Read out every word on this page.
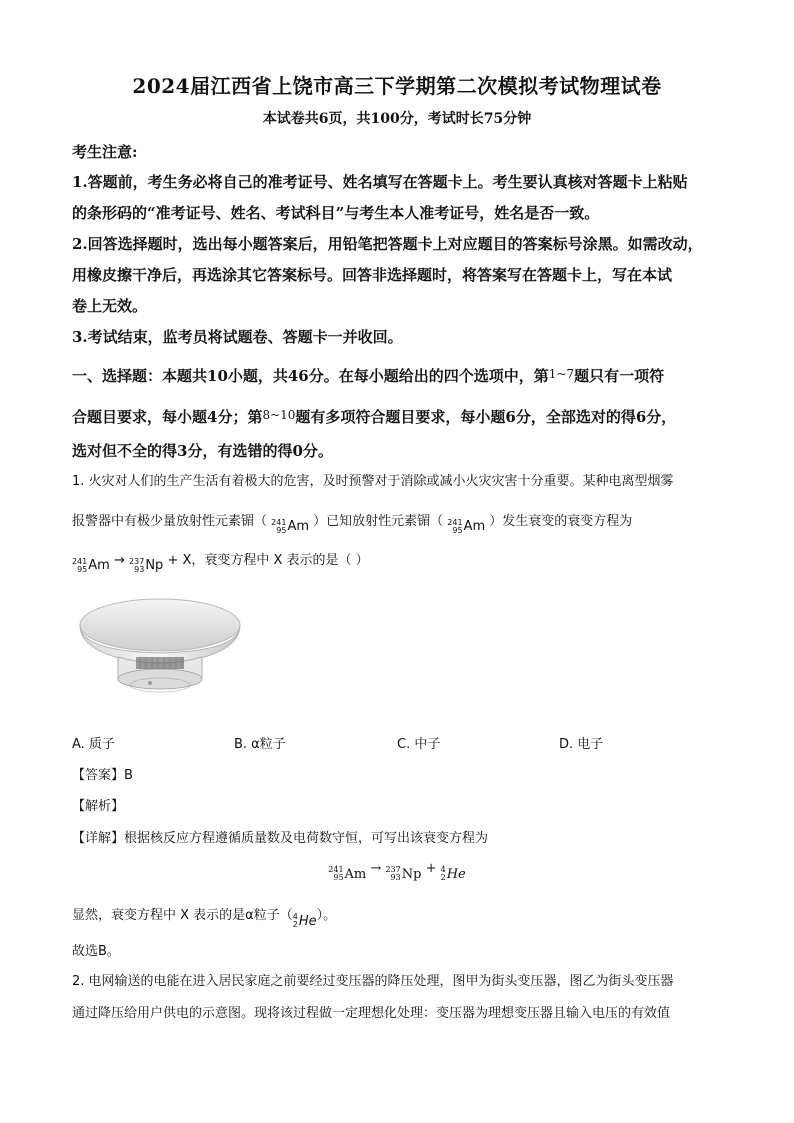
2024届江西省上饶市高三下学期第二次模拟考试物理试卷
本试卷共6页，共100分，考试时长75分钟
考生注意:
1.答题前，考生务必将自己的准考证号、姓名填写在答题卡上。考生要认真核对答题卡上粘贴
的条形码的“准考证号、姓名、考试科目”与考生本人准考证号，姓名是否一致。
2.回答选择题时，选出每小题答案后，用铅笔把答题卡上对应题目的答案标号涂黑。如需改动，
用橡皮擦干净后，再选涂其它答案标号。回答非选择题时，将答案写在答题卡上，写在本试
卷上无效。
3.考试结束，监考员将试题卷、答题卡一并收回。
一、选择题：本题共10小题，共46分。在每小题给出的四个选项中，第$^{1\sim 7}$题只有一项符
合题目要求，每小题4分；第$^{8\sim 10}$题有多项符合题目要求，每小题6分，全部选对的得6分，
选对但不全的得3分，有选错的得0分。
1. 火灾对人们的生产生活有着极大的危害，及时预警对于消除或减小火灾灾害十分重要。某种电离型烟雾
报警器中有极少量放射性元素镅（ 241
95 Am ）已知放射性元素镅（ 241
95 Am ）发生衰变的衰变方程为
241
95 Am → 237
93 Np + X，衰变方程中 X 表示的是（ ）
A. 质子	B. α粒子	C. 中子	D. 电子
【答案】B
【解析】
【详解】根据核反应方程遵循质量数及电荷数守恒，可写出该衰变方程为
241
95 Am → 237
93 Np + 4
2 He
显然，衰变方程中 X 表示的是α粒子（ 4
2 He ）。
故选B。
2. 电网输送的电能在进入居民家庭之前要经过变压器的降压处理，图甲为街头变压器，图乙为街头变压器
通过降压给用户供电的示意图。现将该过程做一定理想化处理：变压器为理想变压器且输入电压的有效值
